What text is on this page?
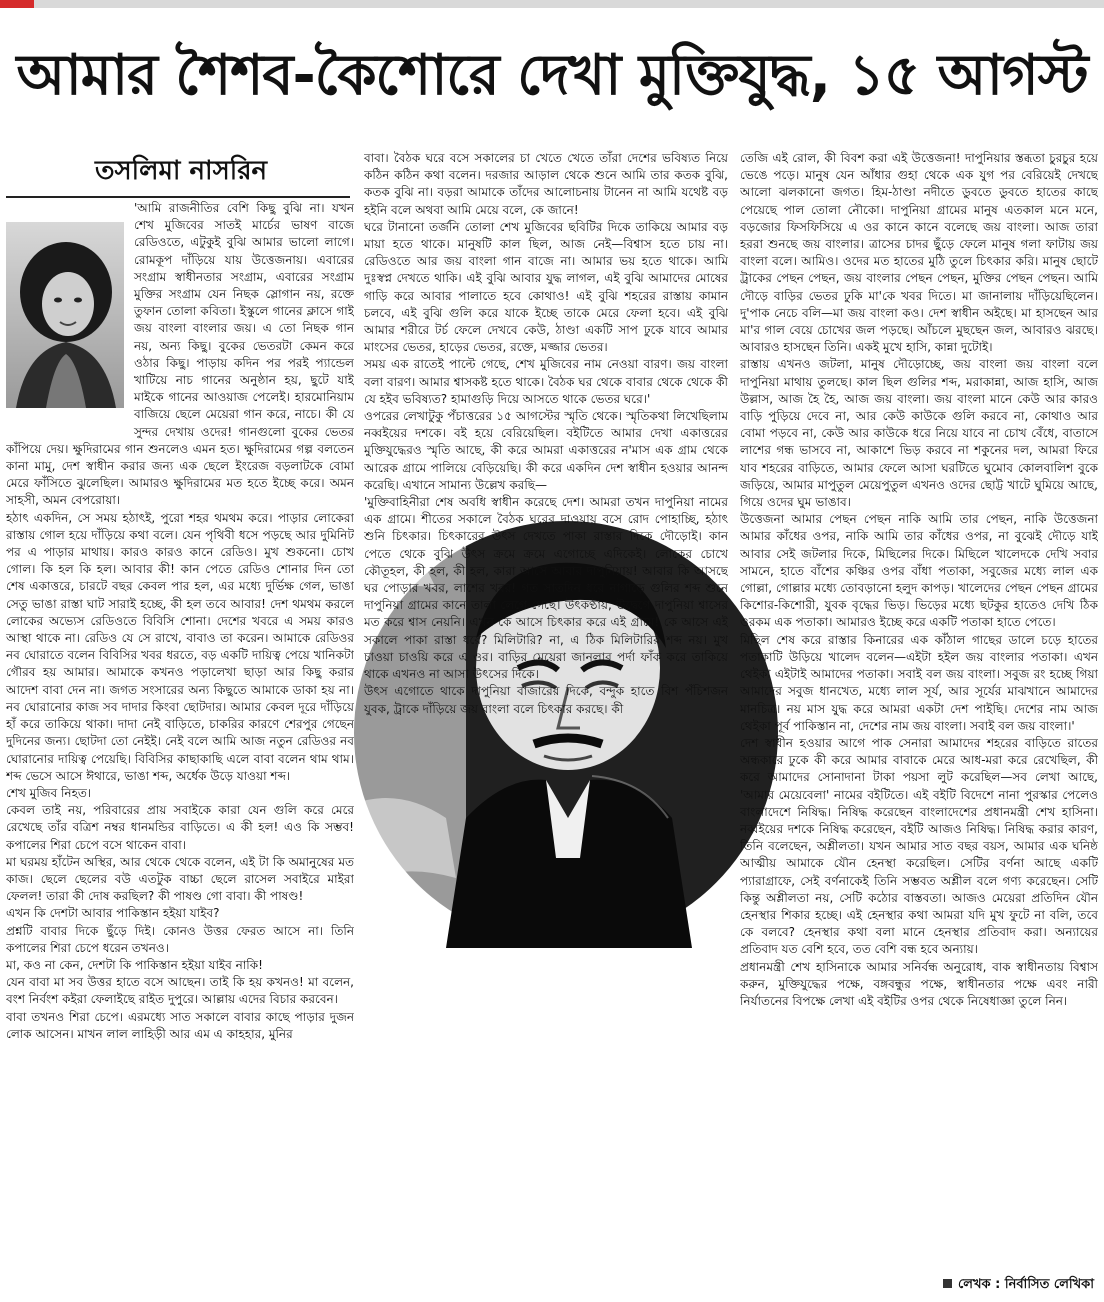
আমার শৈশব-কৈশোরে দেখা মুক্তিযুদ্ধ, ১৫ আগস্ট
তসলিমা নাসরিন

'আমি রাজনীতির বেশি কিছু বুঝি না। যখন শেখ মুজিবের সাতই মার্চের ভাষণ বাজে রেডিওতে, এটুকুই বুঝি আমার ভালো লাগে। রোমকূপ দাঁড়িয়ে যায় উত্তেজনায়। এবারের সংগ্রাম স্বাধীনতার সংগ্রাম, এবারের সংগ্রাম মুক্তির সংগ্রাম যেন নিছক স্লোগান নয়, রক্তে তুফান তোলা কবিতা। ইস্কুলে গানের ক্লাসে গাই জয় বাংলা বাংলার জয়। এ তো নিছক গান নয়, অন্য কিছু। বুকের ভেতরটা কেমন করে ওঠার কিছু। পাড়ায় কদিন পর পরই প্যান্ডেল খাটিয়ে নাচ গানের অনুষ্ঠান হয়, ছুটে যাই মাইকে গানের আওয়াজ পেলেই। হারমোনিয়াম বাজিয়ে ছেলে মেয়েরা গান করে, নাচে। কী যে সুন্দর দেখায় ওদের! গানগুলো বুকের ভেতর কাঁপিয়ে দেয়। ক্ষুদিরামের গান শুনলেও এমন হত। ক্ষুদিরামের গল্প বলতেন কানা মামু, দেশ স্বাধীন করার জন্য এক ছেলে ইংরেজ বড়লাটকে বোমা মেরে ফাঁসিতে ঝুলেছিল। আমারও ক্ষুদিরামের মত হতে ইচ্ছে করে। অমন সাহসী, অমন বেপরোয়া।

হঠাৎ একদিন, সে সময় হঠাৎই, পুরো শহর থমথম করে। পাড়ার লোকেরা রাস্তায় গোল হয়ে দাঁড়িয়ে কথা বলে। যেন পৃথিবী ধসে পড়ছে আর দুমিনিট পর এ পাড়ার মাথায়। কারও কারও কানে রেডিও। মুখ শুকনো। চোখ গোল। কি হল কি হল। আবার কী! কান পেতে রেডিও শোনার দিন তো শেষ একাত্তরে, চারটে বছর কেবল পার হল, এর মধ্যে দুর্ভিক্ষ গেল, ভাঙা সেতু ভাঙা রাস্তা ঘাট সারাই হচ্ছে, কী হল তবে আবার! দেশ থমথম করলে লোকের অভ্যেস রেডিওতে বিবিসি শোনা। দেশের খবরে এ সময় কারও আস্থা থাকে না। রেডিও যে সে রাখে, বাবাও তা করেন। আমাকে রেডিওর নব ঘোরাতে বলেন বিবিসির খবর ধরতে, বড় একটি দায়িত্ব পেয়ে খানিকটা গৌরব হয় আমার। আমাকে কখনও পড়ালেখা ছাড়া আর কিছু করার আদেশ বাবা দেন না। জগত সংসারের অন্য কিছুতে আমাকে ডাকা হয় না। নব ঘোরানোর কাজ সব দাদার কিংবা ছোটদার। আমার কেবল দূরে দাঁড়িয়ে হাঁ করে তাকিয়ে থাকা। দাদা নেই বাড়িতে, চাকরির কারণে শেরপুর গেছেন দুদিনের জন্য। ছোটদা তো নেইই। নেই বলে আমি আজ নতুন রেডিওর নব ঘোরানোর দায়িত্ব পেয়েছি। বিবিসির কাছাকাছি এলে বাবা বলেন থাম থাম। শব্দ ভেসে আসে ঈথারে, ভাঙা শব্দ, অর্ধেক উড়ে যাওয়া শব্দ।

শেখ মুজিব নিহত।

কেবল তাই নয়, পরিবারের প্রায় সবাইকে কারা যেন গুলি করে মেরে রেখেছে তাঁর বত্রিশ নম্বর ধানমন্ডির বাড়িতে। এ কী হল! এও কি সম্ভব! কপালের শিরা চেপে বসে থাকেন বাবা।

মা ঘরময় হাঁটেন অস্থির, আর থেকে থেকে বলেন, এই টা কি অমানুষের মত কাজ। ছেলে ছেলের বউ এতটুক বাচ্চা ছেলে রাসেল সবাইরে মাইরা ফেলল! তারা কী দোষ করছিল? কী পাষণ্ড গো বাবা। কী পাষণ্ড!

এখন কি দেশটা আবার পাকিস্তান হইয়া যাইব?

প্রশ্নটি বাবার দিকে ছুঁড়ে দিই। কোনও উত্তর ফেরত আসে না। তিনি কপালের শিরা চেপে ধরেন তখনও।

মা, কও না কেন, দেশটা কি পাকিস্তান হইয়া যাইব নাকি!

যেন বাবা মা সব উত্তর হাতে বসে আছেন। তাই কি হয় কখনও! মা বলেন, বংশ নির্বংশ কইরা ফেলাইছে রাইত দুপুরে। আল্লায় এদের বিচার করবেন।

বাবা তখনও শিরা চেপে। এরমধ্যে সাত সকালে বাবার কাছে পাড়ার দুজন লোক আসেন। মাখন লাল লাহিড়ী আর এম এ কাহহার, মুনির

বাবা। বৈঠক ঘরে বসে সকালের চা খেতে খেতে তাঁরা দেশের ভবিষ্যত নিয়ে কঠিন কঠিন কথা বলেন। দরজার আড়াল থেকে শুনে আমি তার কতক বুঝি, কতক বুঝি না। বড়রা আমাকে তাঁদের আলোচনায় টানেন না আমি যথেষ্ট বড় হইনি বলে অথবা আমি মেয়ে বলে, কে জানে!

ঘরে টানানো তর্জনি তোলা শেখ মুজিবের ছবিটির দিকে তাকিয়ে আমার বড় মায়া হতে থাকে। মানুষটি কাল ছিল, আজ নেই—বিশ্বাস হতে চায় না। রেডিওতে আর জয় বাংলা গান বাজে না। আমার ভয় হতে থাকে। আমি দুঃস্বপ্ন দেখতে থাকি। এই বুঝি আবার যুদ্ধ লাগল, এই বুঝি আমাদের মোষের গাড়ি করে আবার পালাতে হবে কোথাও! এই বুঝি শহরের রাস্তায় কামান চলবে, এই বুঝি গুলি করে যাকে ইচ্ছে তাকে মেরে ফেলা হবে। এই বুঝি আমার শরীরে টর্চ ফেলে দেখবে কেউ, ঠাণ্ডা একটি সাপ ঢুকে যাবে আমার মাংসের ভেতর, হাড়ের ভেতর, রক্তে, মজ্জার ভেতর।

সময় এক রাতেই পাল্টে গেছে, শেখ মুজিবের নাম নেওয়া বারণ। জয় বাংলা বলা বারণ। আমার শ্বাসকষ্ট হতে থাকে। বৈঠক ঘর থেকে বাবার থেকে থেকে কী যে হইব ভবিষ্যত? হামাগুড়ি দিয়ে আসতে থাকে ভেতর ঘরে।'

ওপরের লেখাটুকু পঁচাত্তরের ১৫ আগস্টের স্মৃতি থেকে। স্মৃতিকথা লিখেছিলাম নব্বইয়ের দশকে। বই হয়ে বেরিয়েছিল। বইটিতে আমার দেখা একাত্তরের মুক্তিযুদ্ধেরও স্মৃতি আছে, কী করে আমরা একাত্তরের ন'মাস এক গ্রাম থেকে আরেক গ্রামে পালিয়ে বেড়িয়েছি। কী করে একদিন দেশ স্বাধীন হওয়ার আনন্দ করেছি। এখানে সামান্য উল্লেখ করছি—

'মুক্তিবাহিনীরা শেষ অবধি স্বাধীন করেছে দেশ। আমরা তখন দাপুনিয়া নামের এক গ্রামে। শীতের সকালে বৈঠক ঘরের দাওয়ায় বসে রোদ পোহাচ্ছি, হঠাৎ শুনি চিৎকার। চিৎকারের উৎস দেখতে পাকা রাস্তার দিকে দৌড়োই। কান পেতে থেকে বুঝি উৎস ক্রমে ক্রমে এগোচ্ছে এদিকেই। লোকের চোখে কৌতূহল, কী হল, কী হল, কারা আসে আবার দাপুনিয়ায়! আবার কি আসছে ঘর পোড়ার খবর, লাশের খবর! গত সাতদিন ধরে নাগাড়ে গুলির শব্দ শুনে দাপুনিয়া গ্রামের কানে তালা লেগে গেছে। উৎকণ্ঠায়, উদ্বেগে দাপুনিয়া শ্বাসের মত করে শ্বাস নেয়নি। এখন কে আসে চিৎকার করে এই গ্রামে! কে আসে এই সকালে পাকা রাস্তা ধরে? মিলিটারি? না, এ ঠিক মিলিটারির শব্দ নয়। মুখ চাওয়া চাওয়ি করে এ ওর। বাড়ির মেয়েরা জানলার পর্দা ফাঁক করে তাকিয়ে থাকে এখনও না আসা উৎসের দিকে।

উৎস এগোতে থাকে দাপুনিয়া বাজারের দিকে, বন্দুক হাতে বিশ পঁচিশজন যুবক, ট্রাকে দাঁড়িয়ে জয় বাংলা বলে চিৎকার করছে। কী

তেজি এই রোল, কী বিবশ করা এই উত্তেজনা! দাপুনিয়ার স্তব্ধতা চুরচুর হয়ে ভেঙে পড়ে। মানুষ যেন আঁধার গুহা থেকে এক যুগ পর বেরিয়েই দেখছে আলো ঝলকানো জগত। হিম-ঠাণ্ডা নদীতে ডুবতে ডুবতে হাতের কাছে পেয়েছে পাল তোলা নৌকো। দাপুনিয়া গ্রামের মানুষ এতকাল মনে মনে, বড়জোর ফিসফিসিয়ে এ ওর কানে কানে বলেছে জয় বাংলা। আজ তারা হররা শুনছে জয় বাংলার। ত্রাসের চাদর ছুঁড়ে ফেলে মানুষ গলা ফাটায় জয় বাংলা বলে। আমিও। ওদের মত হাতের মুঠি তুলে চিৎকার করি। মানুষ ছোটে ট্রাকের পেছন পেছন, জয় বাংলার পেছন পেছন, মুক্তির পেছন পেছন। আমি দৌড়ে বাড়ির ভেতর ঢুকি মা'কে খবর দিতে। মা জানালায় দাঁড়িয়েছিলেন। দু'পাক নেচে বলি—মা জয় বাংলা কও। দেশ স্বাধীন অইছে। মা হাসছেন আর মা'র গাল বেয়ে চোখের জল পড়ছে। আঁচলে মুছছেন জল, আবারও ঝরছে। আবারও হাসছেন তিনি। একই মুখে হাসি, কান্না দুটোই।

রাস্তায় এখনও জটলা, মানুষ দৌড়োচ্ছে, জয় বাংলা জয় বাংলা বলে দাপুনিয়া মাথায় তুলছে। কাল ছিল গুলির শব্দ, মরাকান্না, আজ হাসি, আজ উল্লাস, আজ হৈ হৈ, আজ জয় বাংলা। জয় বাংলা মানে কেউ আর কারও বাড়ি পুড়িয়ে দেবে না, আর কেউ কাউকে গুলি করবে না, কোথাও আর বোমা পড়বে না, কেউ আর কাউকে ধরে নিয়ে যাবে না চোখ বেঁধে, বাতাসে লাশের গন্ধ ভাসবে না, আকাশে ভিড় করবে না শকুনের দল, আমরা ফিরে যাব শহরের বাড়িতে, আমার ফেলে আসা ঘরটিতে ঘুমোব কোলবালিশ বুকে জড়িয়ে, আমার মাপুতুল মেয়েপুতুল এখনও ওদের ছোট্ট খাটে ঘুমিয়ে আছে, গিয়ে ওদের ঘুম ভাঙাব।

উত্তেজনা আমার পেছন পেছন নাকি আমি তার পেছন, নাকি উত্তেজনা আমার কাঁধের ওপর, নাকি আমি তার কাঁধের ওপর, না বুঝেই দৌড়ে যাই আবার সেই জটলার দিকে, মিছিলের দিকে। মিছিলে খালেদকে দেখি সবার সামনে, হাতে বাঁশের কঞ্চির ওপর বাঁধা পতাকা, সবুজের মধ্যে লাল এক গোল্লা, গোল্লার মধ্যে তোবড়ানো হলুদ কাপড়। খালেদের পেছন পেছন গ্রামের কিশোর-কিশোরী, যুবক বৃদ্ধের ভিড়। ভিড়ের মধ্যে ছটকুর হাতেও দেখি ঠিক ওরকম এক পতাকা। আমারও ইচ্ছে করে একটি পতাকা হাতে পেতে।

মিছিল শেষ করে রাস্তার কিনারের এক কাঁঠাল গাছের ডালে চড়ে হাতের পতাকাটি উড়িয়ে খালেদ বলেন—এইটা হইল জয় বাংলার পতাকা। এখন থেইকা এইটাই আমাদের পতাকা। সবাই বল জয় বাংলা। সবুজ রং হচ্ছে গিয়া আমাদের সবুজ ধানখেত, মধ্যে লাল সূর্য, আর সূর্যের মাঝখানে আমাদের মানচিত্র। নয় মাস যুদ্ধ করে আমরা একটা দেশ পাইছি। দেশের নাম আজ থেইকা পূর্ব পাকিস্তান না, দেশের নাম জয় বাংলা। সবাই বল জয় বাংলা।'

দেশ স্বাধীন হওয়ার আগে পাক সেনারা আমাদের শহরের বাড়িতে রাতের অন্ধকারে ঢুকে কী করে আমার বাবাকে মেরে আধ-মরা করে রেখেছিল, কী করে আমাদের সোনাদানা টাকা পয়সা লুট করেছিল—সব লেখা আছে, 'আমার মেয়েবেলা' নামের বইটিতে। এই বইটি বিদেশে নানা পুরস্কার পেলেও বাংলাদেশে নিষিদ্ধ। নিষিদ্ধ করেছেন বাংলাদেশের প্রধানমন্ত্রী শেখ হাসিনা। নব্বইয়ের দশকে নিষিদ্ধ করেছেন, বইটি আজও নিষিদ্ধ। নিষিদ্ধ করার কারণ, তিনি বলেছেন, অশ্লীলতা। যখন আমার সাত বছর বয়স, আমার এক ঘনিষ্ঠ আত্মীয় আমাকে যৌন হেনস্থা করেছিল। সেটির বর্ণনা আছে একটি প্যারাগ্রাফে, সেই বর্ণনাকেই তিনি সম্ভবত অশ্লীল বলে গণ্য করেছেন। সেটি কিন্তু অশ্লীলতা নয়, সেটি কঠোর বাস্তবতা। আজও মেয়েরা প্রতিদিন যৌন হেনস্থার শিকার হচ্ছে। এই হেনস্থার কথা আমরা যদি মুখ ফুটে না বলি, তবে কে বলবে? হেনস্থার কথা বলা মানে হেনস্থার প্রতিবাদ করা। অন্যায়ের প্রতিবাদ যত বেশি হবে, তত বেশি বন্ধ হবে অন্যায়।

প্রধানমন্ত্রী শেখ হাসিনাকে আমার সনির্বন্ধ অনুরোধ, বাক স্বাধীনতায় বিশ্বাস করুন, মুক্তিযুদ্ধের পক্ষে, বঙ্গবন্ধুর পক্ষে, স্বাধীনতার পক্ষে এবং নারী নির্যাতনের বিপক্ষে লেখা এই বইটির ওপর থেকে নিষেধাজ্ঞা তুলে নিন।

লেখক : নির্বাসিত লেখিকা
